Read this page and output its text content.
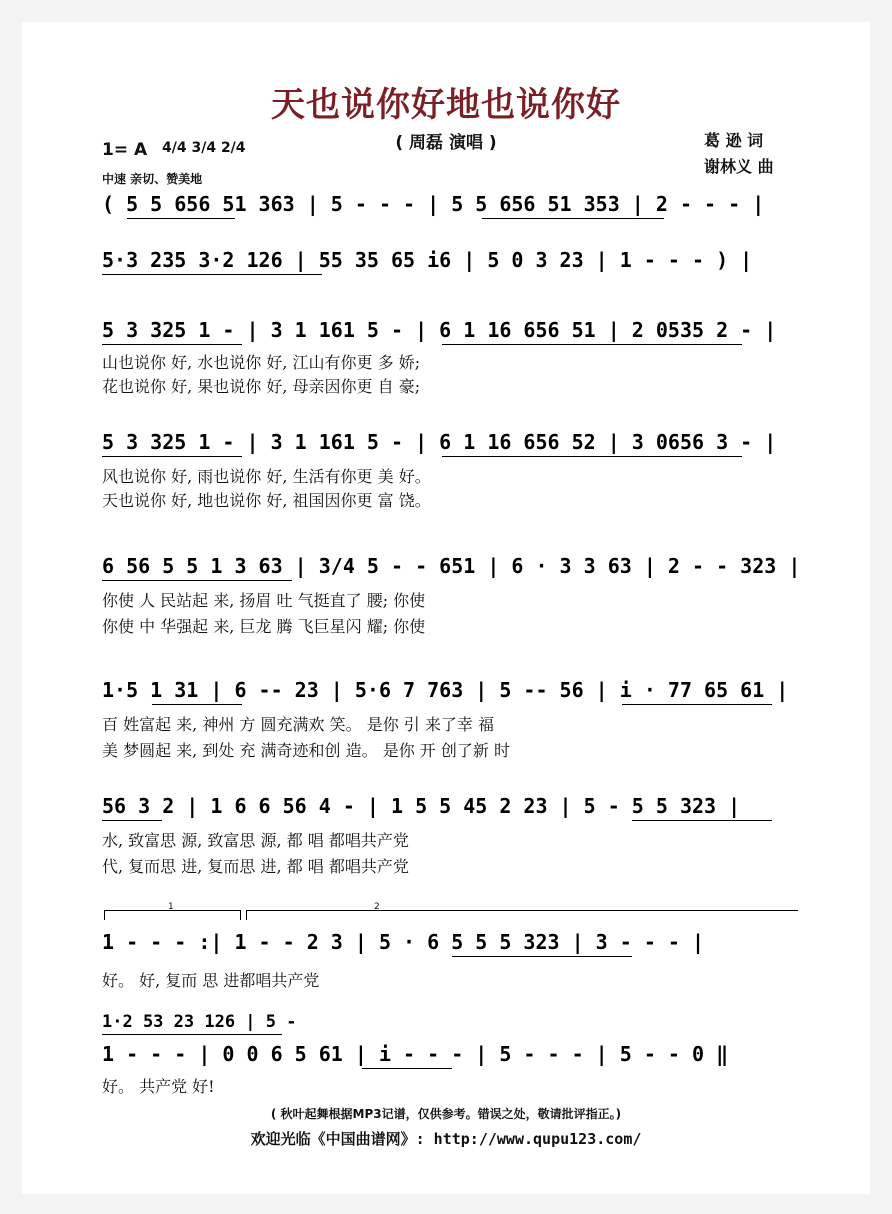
天也说你好地也说你好
( 周磊 演唱 )	葛 逊 词
谢林义 曲
1= A 4/4 3/4 2/4
中速 亲切、赞美地
( 5 5 656 51 363 | 5 - - - | 5 5 656 51 353 | 2 - - - |
5·3 235 3·2 126 | 55 35 65 i6 | 5 0 3 23 | 1 - - - ) |
5 3 325 1 - | 3 1 161 5 - | 6 1 16 656 51 | 2 0535 2 - |
山也说你 好, 水也说你 好, 江山有你更 多 娇;
花也说你 好, 果也说你 好, 母亲因你更 自 豪;
5 3 325 1 - | 3 1 161 5 - | 6 1 16 656 52 | 3 0656 3 - |
风也说你 好, 雨也说你 好, 生活有你更 美 好。
天也说你 好, 地也说你 好, 祖国因你更 富 饶。
6 56 5 5 1 3 63 | 3/4 5 - - 651 | 6 · 3 3 63 | 2 - - 323 |
你使 人 民站起 来, 扬眉 吐 气挺直了 腰; 你使
你使 中 华强起 来, 巨龙 腾 飞巨星闪 耀; 你使
1·5 1 31 | 6 -- 23 | 5·6 7 763 | 5 -- 56 | i · 77 65 61 |
百 姓富起 来, 神州 方 圆充满欢 笑。 是你 引 来了幸 福
美 梦圆起 来, 到处 充 满奇迹和创 造。 是你 开 创了新 时
56 3 2 | 1 6 6 56 4 - | 1 5 5 45 2 23 | 5 - 5 5 323 |
水, 致富思 源, 致富思 源, 都 唱 都唱共产党
代, 复而思 进, 复而思 进, 都 唱 都唱共产党
1	2
1 - - - :| 1 - - 2 3 | 5 · 6 5 5 5 323 | 3 - - - |
好。 好, 复而 思 进都唱共产党
1·2 53 23 126 | 5 -
1 - - - | 0 0 6 5 61 | i - - - | 5 - - - | 5 - - 0 ‖
好。 共产党 好!
( 秋叶起舞根据MP3记谱，仅供参考。错误之处，敬请批评指正。)
欢迎光临《中国曲谱网》: http://www.qupu123.com/
